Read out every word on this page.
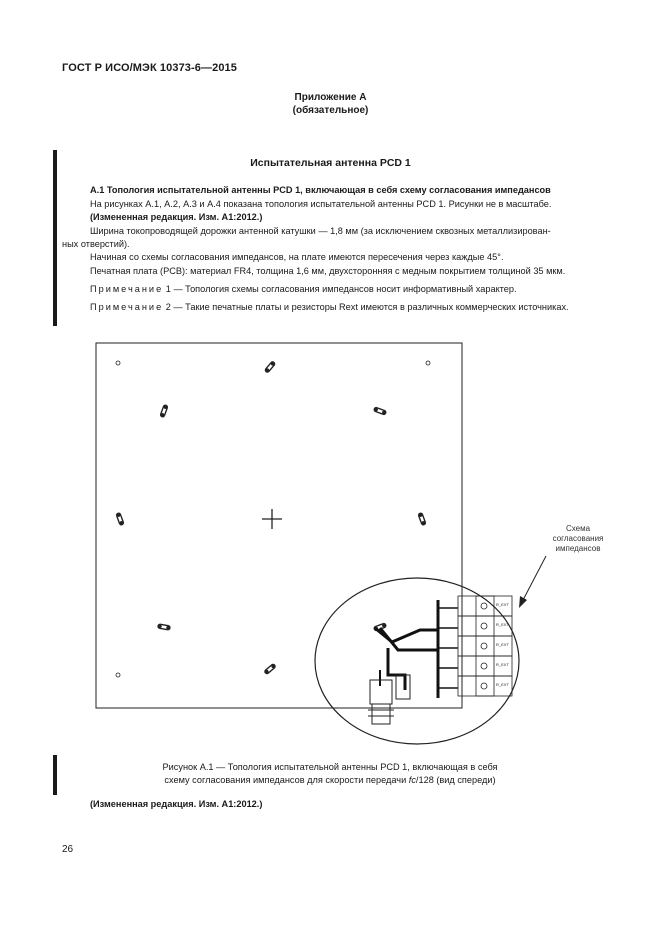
ГОСТ Р ИСО/МЭК 10373-6—2015
Приложение А
(обязательное)
Испытательная антенна PCD 1
А.1 Топология испытательной антенны PCD 1, включающая в себя схему согласования импедансов
На рисунках А.1, А.2, А.3 и А.4 показана топология испытательной антенны PCD 1. Рисунки не в масштабе.
(Измененная редакция. Изм. А1:2012.)
Ширина токопроводящей дорожки антенной катушки — 1,8 мм (за исключением сквозных металлизирован-
ных отверстий).
Начиная со схемы согласования импедансов, на плате имеются пересечения через каждые 45°.
Печатная плата (PCB): материал FR4, толщина 1,6 мм, двухсторонняя с медным покрытием толщиной 35 мкм.
Примечание 1 — Топология схемы согласования импедансов носит информативный характер.
Примечание 2 — Такие печатные платы и резисторы Rext имеются в различных коммерческих источниках.
R_EXT
R_EXT
R_EXT
R_EXT
R_EXT
Схема
согласования
импедансов
Рисунок А.1 — Топология испытательной антенны PCD 1, включающая в себя
схему согласования импедансов для скорости передачи fc/128 (вид спереди)
(Измененная редакция. Изм. А1:2012.)
26
